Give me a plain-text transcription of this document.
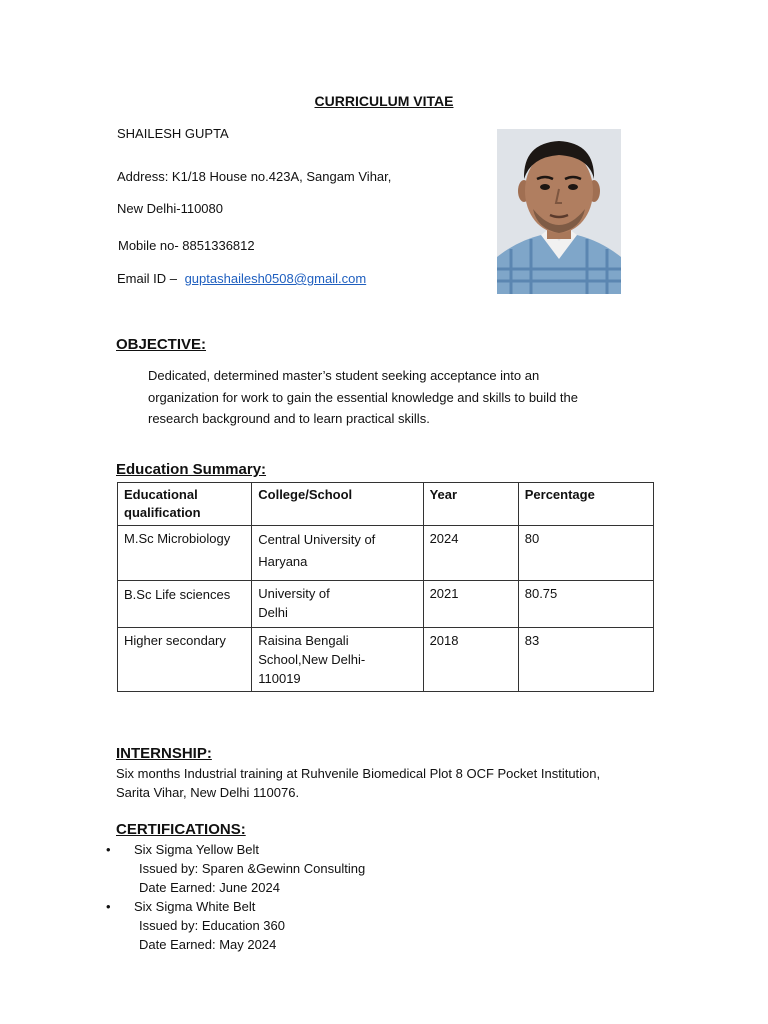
CURRICULUM VITAE
SHAILESH GUPTA
Address: K1/18 House no.423A, Sangam Vihar,
New Delhi-110080
Mobile no- 8851336812
Email ID – guptashailesh0508@gmail.com
OBJECTIVE:
Dedicated, determined master’s student seeking acceptance into an
organization for work to gain the essential knowledge and skills to build the
research background and to learn practical skills.
Education Summary:
Educational qualification	College/School	Year	Percentage
M.Sc Microbiology	Central University of Haryana	2024	80
B.Sc Life sciences	University of Delhi	2021	80.75
Higher secondary	Raisina Bengali School,New Delhi- 110019	2018	83
INTERNSHIP:
Six months Industrial training at Ruhvenile Biomedical Plot 8 OCF Pocket Institution,
Sarita Vihar, New Delhi 110076.
CERTIFICATIONS:
• Six Sigma Yellow Belt
Issued by: Sparen &Gewinn Consulting
Date Earned: June 2024
• Six Sigma White Belt
Issued by: Education 360
Date Earned: May 2024
